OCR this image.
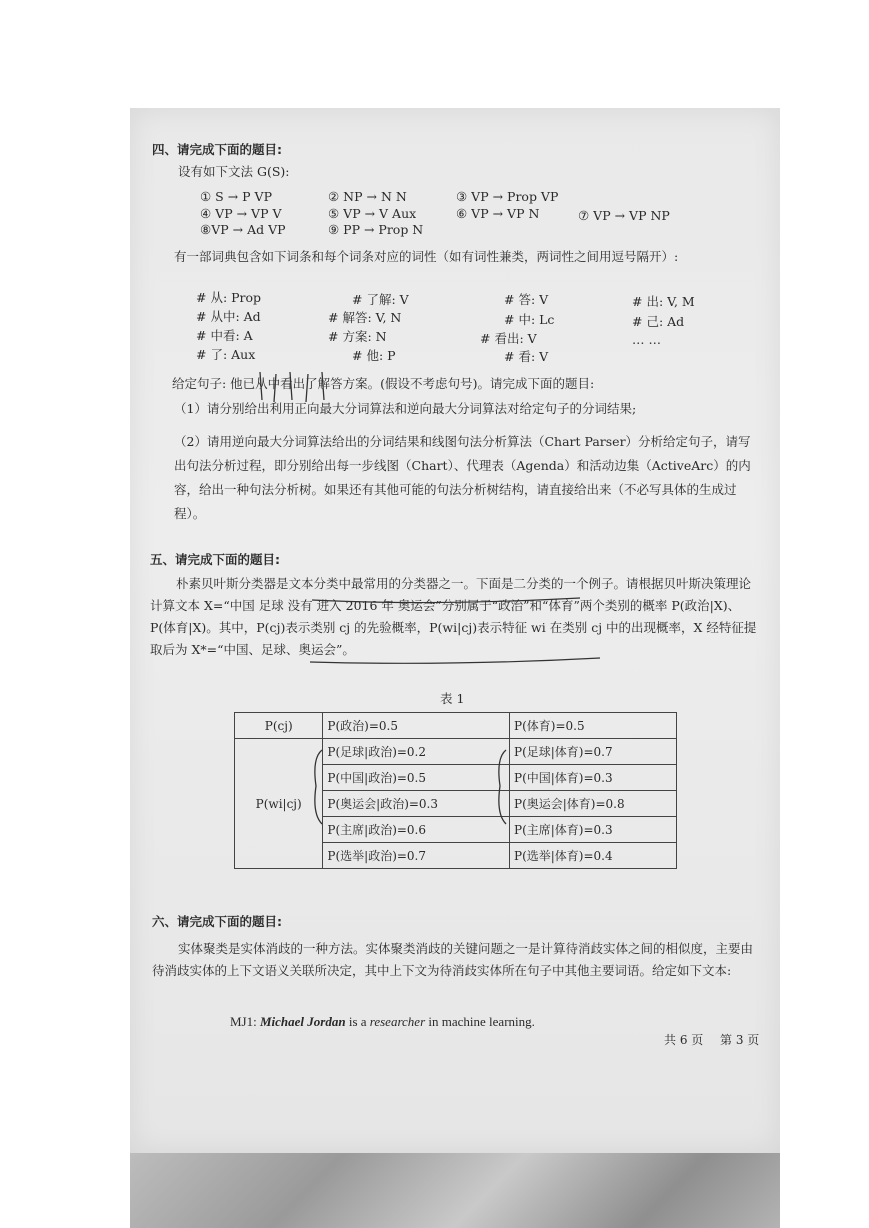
四、请完成下面的题目:
设有如下文法 G(S):
① S → P VP	② NP → N N	③ VP → Prop VP
④ VP → VP V	⑤ VP → V Aux	⑥ VP → VP N	⑦ VP → VP NP
⑧VP → Ad VP	⑨ PP → Prop N
有一部词典包含如下词条和每个词条对应的词性（如有词性兼类，两词性之间用逗号隔开）:
# 从: Prop	# 了解: V	# 答: V	# 出: V, M
# 从中: Ad	# 解答: V, N	# 中: Lc	# 己: Ad
# 中看: A	# 方案: N	# 看出: V	… …
# 了: Aux	# 他: P	# 看: V
给定句子: 他已从中看出了解答方案。(假设不考虑句号)。请完成下面的题目:
（1）请分别给出利用正向最大分词算法和逆向最大分词算法对给定句子的分词结果;
（2）请用逆向最大分词算法给出的分词结果和线图句法分析算法（Chart Parser）分析给定句子，请写出句法分析过程，即分别给出每一步线图（Chart）、代理表（Agenda）和活动边集（ActiveArc）的内容，给出一种句法分析树。如果还有其他可能的句法分析树结构，请直接给出来（不必写具体的生成过程）。
五、请完成下面的题目:
朴素贝叶斯分类器是文本分类中最常用的分类器之一。下面是二分类的一个例子。请根据贝叶斯决策理论计算文本 X=“中国 足球 没有 进入 2016 年 奥运会”分别属于“政治”和“体育”两个类别的概率 P(政治|X)、P(体育|X)。其中，P(cj)表示类别 cj 的先验概率，P(wi|cj)表示特征 wi 在类别 cj 中的出现概率，X 经特征提取后为 X*=“中国、足球、奥运会”。
表 1
P(cj)	P(政治)=0.5	P(体育)=0.5
P(wi|cj)	P(足球|政治)=0.2	P(足球|体育)=0.7
	P(中国|政治)=0.5	P(中国|体育)=0.3
	P(奥运会|政治)=0.3	P(奥运会|体育)=0.8
	P(主席|政治)=0.6	P(主席|体育)=0.3
	P(选举|政治)=0.7	P(选举|体育)=0.4
六、请完成下面的题目:
实体聚类是实体消歧的一种方法。实体聚类消歧的关键问题之一是计算待消歧实体之间的相似度，主要由待消歧实体的上下文语义关联所决定，其中上下文为待消歧实体所在句子中其他主要词语。给定如下文本:
MJ1: Michael Jordan is a researcher in machine learning.
共 6 页 第 3 页
